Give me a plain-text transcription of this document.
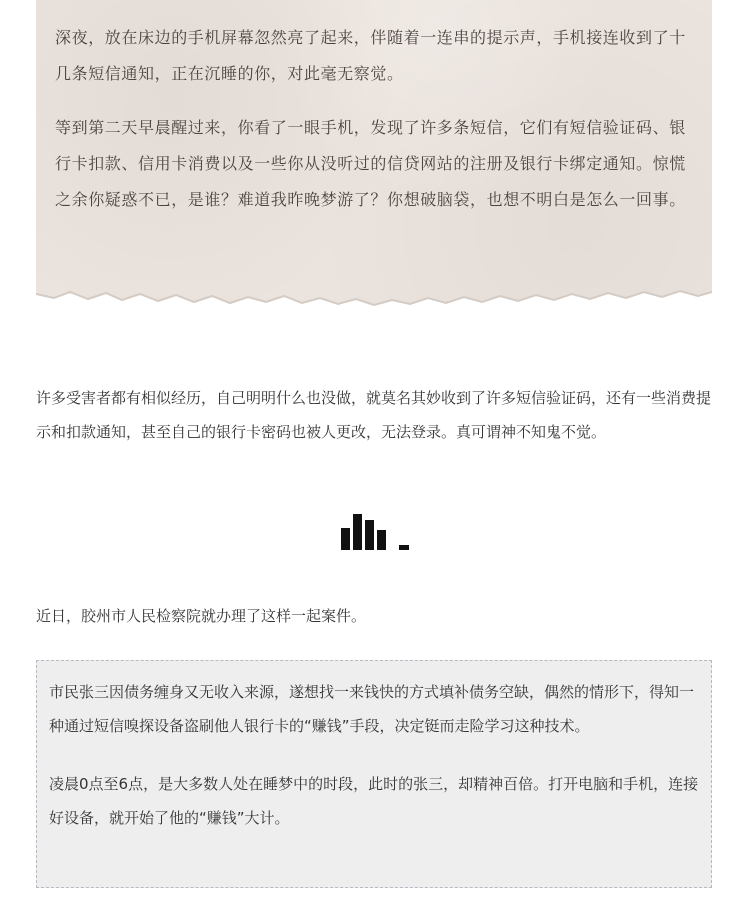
深夜，放在床边的手机屏幕忽然亮了起来，伴随着一连串的提示声，手机接连收到了十几条短信通知，正在沉睡的你，对此毫无察觉。

等到第二天早晨醒过来，你看了一眼手机，发现了许多条短信，它们有短信验证码、银行卡扣款、信用卡消费以及一些你从没听过的信贷网站的注册及银行卡绑定通知。惊慌之余你疑惑不已，是谁？难道我昨晚梦游了？你想破脑袋，也想不明白是怎么一回事。

许多受害者都有相似经历，自己明明什么也没做，就莫名其妙收到了许多短信验证码，还有一些消费提示和扣款通知，甚至自己的银行卡密码也被人更改，无法登录。真可谓神不知鬼不觉。

近日，胶州市人民检察院就办理了这样一起案件。

市民张三因债务缠身又无收入来源，遂想找一来钱快的方式填补债务空缺，偶然的情形下，得知一种通过短信嗅探设备盗刷他人银行卡的“赚钱”手段，决定铤而走险学习这种技术。

凌晨0点至6点，是大多数人处在睡梦中的时段，此时的张三，却精神百倍。打开电脑和手机，连接好设备，就开始了他的“赚钱”大计。
